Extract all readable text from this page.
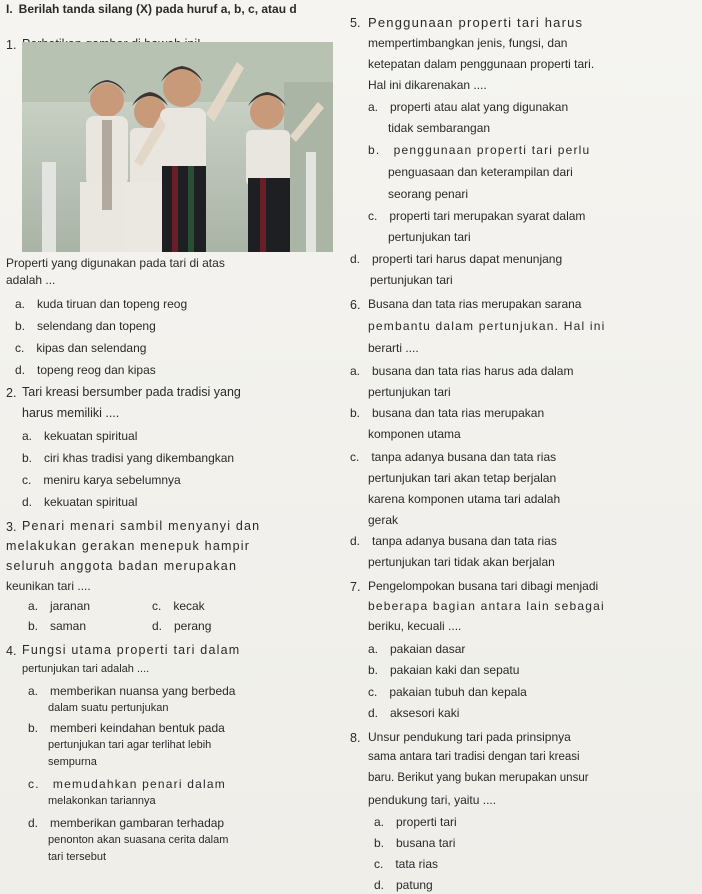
I. Berilah tanda silang (X) pada huruf a, b, c, atau d
1.
Properti yang digunakan pada tari di atas
adalah ...
a. kuda tiruan dan topeng reog
b. selendang dan topeng
c. kipas dan selendang
d. topeng reog dan kipas
2. Tari kreasi bersumber pada tradisi yang
harus memiliki ....
a. kekuatan spiritual
b. ciri khas tradisi yang dikembangkan
c. meniru karya sebelumnya
d. kekuatan spiritual
3. Penari menari sambil menyanyi dan
melakukan gerakan menepuk hampir
seluruh anggota badan merupakan
keunikan tari ....
a. jaranan	c. kecak
b. saman	d. perang
4. Fungsi utama properti tari dalam
pertunjukan tari adalah ....
a. memberikan nuansa yang berbeda
dalam suatu pertunjukan
b. memberi keindahan bentuk pada
pertunjukan tari agar terlihat lebih
sempurna
c. memudahkan penari dalam
melakonkan tariannya
d. memberikan gambaran terhadap
penonton akan suasana cerita dalam
tari tersebut
5. Penggunaan properti tari harus
mempertimbangkan jenis, fungsi, dan
ketepatan dalam penggunaan properti tari.
Hal ini dikarenakan ....
a. properti atau alat yang digunakan
tidak sembarangan
b. penggunaan properti tari perlu
penguasaan dan keterampilan dari
seorang penari
c. properti tari merupakan syarat dalam
pertunjukan tari
d. properti tari harus dapat menunjang
pertunjukan tari
6. Busana dan tata rias merupakan sarana
pembantu dalam pertunjukan. Hal ini
berarti ....
a. busana dan tata rias harus ada dalam
pertunjukan tari
b. busana dan tata rias merupakan
komponen utama
c. tanpa adanya busana dan tata rias
pertunjukan tari akan tetap berjalan
karena komponen utama tari adalah
gerak
d. tanpa adanya busana dan tata rias
pertunjukan tari tidak akan berjalan
7. Pengelompokan busana tari dibagi menjadi
beberapa bagian antara lain sebagai
beriku, kecuali ....
a. pakaian dasar
b. pakaian kaki dan sepatu
c. pakaian tubuh dan kepala
d. aksesori kaki
8. Unsur pendukung tari pada prinsipnya
sama antara tari tradisi dengan tari kreasi
baru. Berikut yang bukan merupakan unsur
pendukung tari, yaitu ....
a. properti tari
b. busana tari
c. tata rias
d. patung
